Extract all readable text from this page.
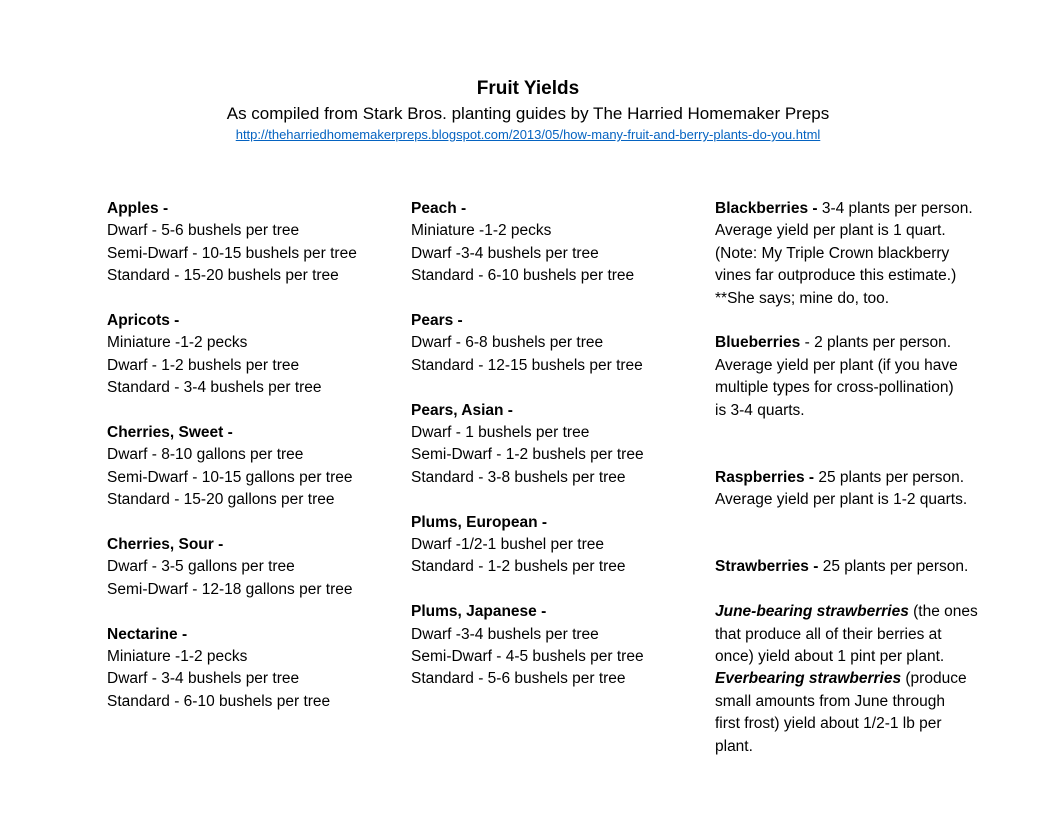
Fruit Yields
As compiled from Stark Bros. planting guides by The Harried Homemaker Preps
http://theharriedhomemakerpreps.blogspot.com/2013/05/how-many-fruit-and-berry-plants-do-you.html
Apples -
Dwarf - 5-6 bushels per tree
Semi-Dwarf - 10-15 bushels per tree
Standard - 15-20 bushels per tree
Apricots -
Miniature -1-2 pecks
Dwarf - 1-2 bushels per tree
Standard - 3-4 bushels per tree
Cherries, Sweet -
Dwarf - 8-10 gallons per tree
Semi-Dwarf - 10-15 gallons per tree
Standard - 15-20 gallons per tree
Cherries, Sour -
Dwarf - 3-5 gallons per tree
Semi-Dwarf - 12-18 gallons per tree
Nectarine -
Miniature -1-2 pecks
Dwarf - 3-4 bushels per tree
Standard - 6-10 bushels per tree
Peach -
Miniature -1-2 pecks
Dwarf -3-4 bushels per tree
Standard - 6-10 bushels per tree
Pears -
Dwarf - 6-8 bushels per tree
Standard - 12-15 bushels per tree
Pears, Asian -
Dwarf - 1 bushels per tree
Semi-Dwarf - 1-2 bushels per tree
Standard - 3-8 bushels per tree
Plums, European -
Dwarf -1/2-1 bushel per tree
Standard - 1-2 bushels per tree
Plums, Japanese -
Dwarf -3-4 bushels per tree
Semi-Dwarf - 4-5 bushels per tree
Standard - 5-6 bushels per tree
Blackberries - 3-4 plants per person.
Average yield per plant is 1 quart.
(Note: My Triple Crown blackberry
vines far outproduce this estimate.)
**She says; mine do, too.
Blueberries - 2 plants per person.
Average yield per plant (if you have
multiple types for cross-pollination)
is 3-4 quarts.
Raspberries - 25 plants per person.
Average yield per plant is 1-2 quarts.
Strawberries - 25 plants per person.
June-bearing strawberries (the ones
that produce all of their berries at
once) yield about 1 pint per plant.
Everbearing strawberries (produce
small amounts from June through
first frost) yield about 1/2-1 lb per
plant.
